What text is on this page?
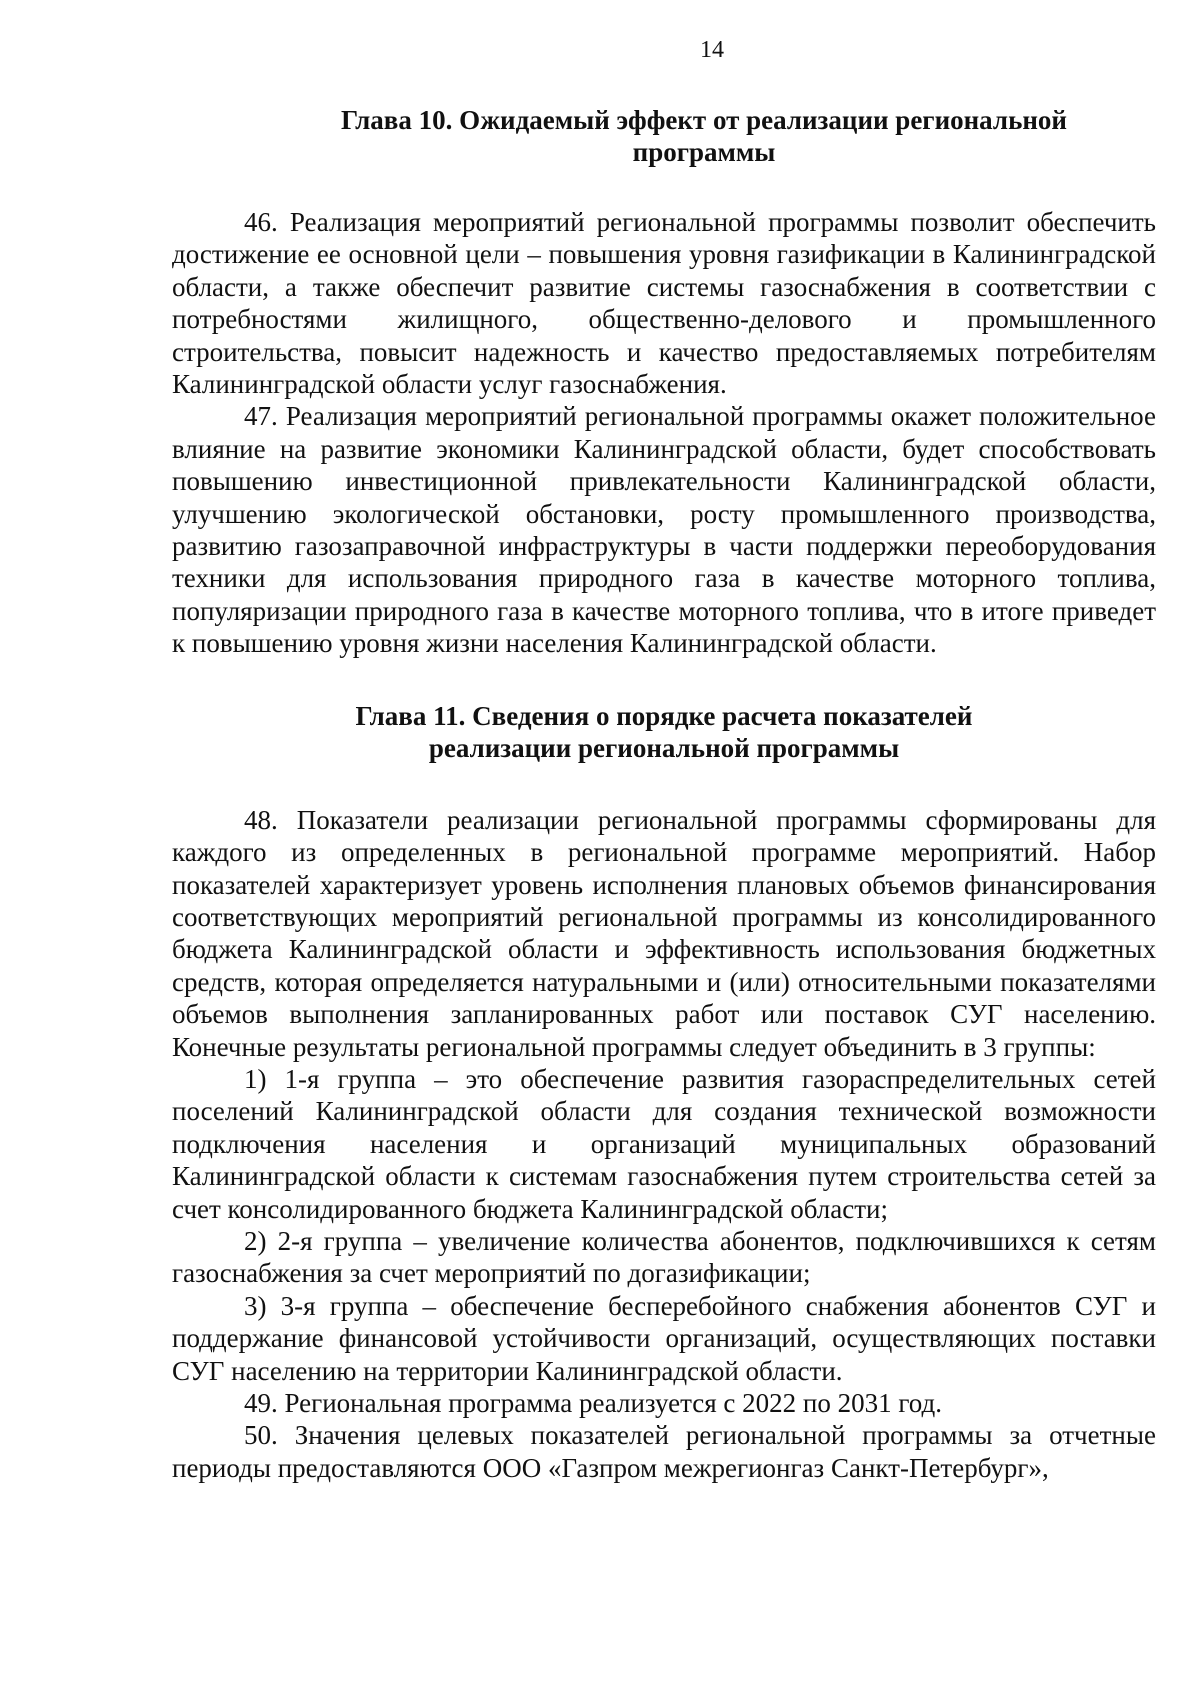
14
Глава 10. Ожидаемый эффект от реализации региональной
программы

46. Реализация мероприятий региональной программы позволит обеспечить достижение ее основной цели – повышения уровня газификации в Калининградской области, а также обеспечит развитие системы газоснабжения в соответствии с потребностями жилищного, общественно-делового и промышленного строительства, повысит надежность и качество предоставляемых потребителям Калининградской области услуг газоснабжения.

47. Реализация мероприятий региональной программы окажет положительное влияние на развитие экономики Калининградской области, будет способствовать повышению инвестиционной привлекательности Калининградской области, улучшению экологической обстановки, росту промышленного производства, развитию газозаправочной инфраструктуры в части поддержки переоборудования техники для использования природного газа в качестве моторного топлива, популяризации природного газа в качестве моторного топлива, что в итоге приведет к повышению уровня жизни населения Калининградской области.

Глава 11. Сведения о порядке расчета показателей
реализации региональной программы

48. Показатели реализации региональной программы сформированы для каждого из определенных в региональной программе мероприятий. Набор показателей характеризует уровень исполнения плановых объемов финансирования соответствующих мероприятий региональной программы из консолидированного бюджета Калининградской области и эффективность использования бюджетных средств, которая определяется натуральными и (или) относительными показателями объемов выполнения запланированных работ или поставок СУГ населению. Конечные результаты региональной программы следует объединить в 3 группы:

1) 1-я группа – это обеспечение развития газораспределительных сетей поселений Калининградской области для создания технической возможности подключения населения и организаций муниципальных образований Калининградской области к системам газоснабжения путем строительства сетей за счет консолидированного бюджета Калининградской области;

2) 2-я группа – увеличение количества абонентов, подключившихся к сетям газоснабжения за счет мероприятий по догазификации;

3) 3-я группа – обеспечение бесперебойного снабжения абонентов СУГ и поддержание финансовой устойчивости организаций, осуществляющих поставки СУГ населению на территории Калининградской области.

49. Региональная программа реализуется с 2022 по 2031 год.

50. Значения целевых показателей региональной программы за отчетные периоды предоставляются ООО «Газпром межрегионгаз Санкт-Петербург»,
